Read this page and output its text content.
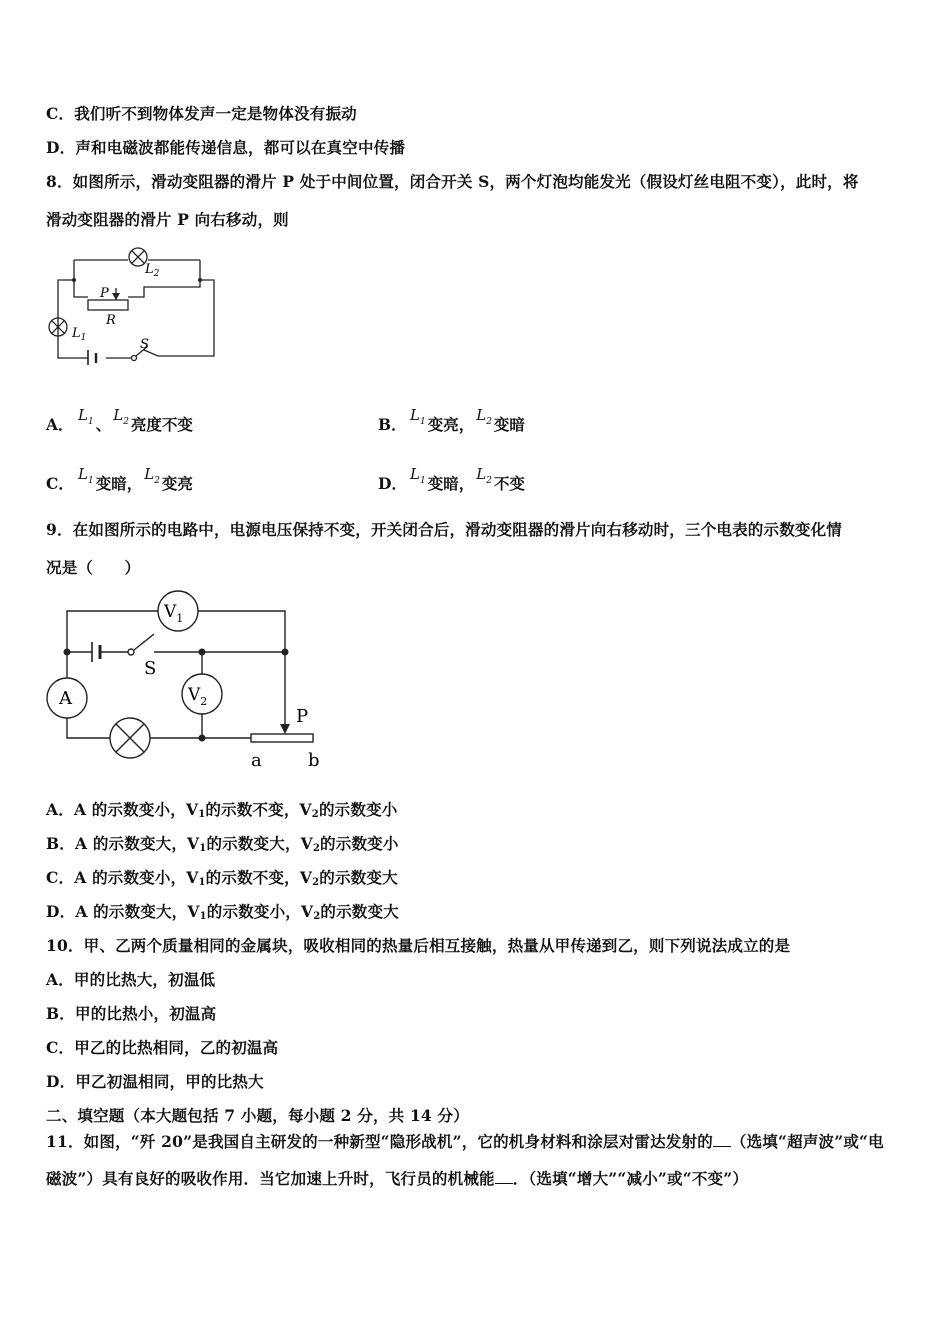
C．我们听不到物体发声一定是物体没有振动
D．声和电磁波都能传递信息，都可以在真空中传播
8．如图所示，滑动变阻器的滑片 P 处于中间位置，闭合开关 S，两个灯泡均能发光（假设灯丝电阻不变），此时，将
滑动变阻器的滑片 P 向右移动，则
$L_2$
P
R
$L_1$	S
A． $L_1$ 、 $L_2$ 亮度不变	B． $L_1$ 变亮， $L_2$ 变暗
C． $L_1$ 变暗， $L_2$ 变亮	D． $L_1$ 变暗， $L_2$ 不变
9．在如图所示的电路中，电源电压保持不变，开关闭合后，滑动变阻器的滑片向右移动时，三个电表的示数变化情
况是（　　）
$V_1$
$V_2$
A
S
P
a	b
A．A 的示数变小，V1的示数不变，V2的示数变小
B．A 的示数变大，V1的示数变大，V2的示数变小
C．A 的示数变小，V1的示数不变，V2的示数变大
D．A 的示数变大，V1的示数变小，V2的示数变大
10．甲、乙两个质量相同的金属块，吸收相同的热量后相互接触，热量从甲传递到乙，则下列说法成立的是
A．甲的比热大，初温低
B．甲的比热小，初温高
C．甲乙的比热相同，乙的初温高
D．甲乙初温相同，甲的比热大
二、填空题（本大题包括 7 小题，每小题 2 分，共 14 分）
11．如图，“歼 20”是我国自主研发的一种新型“隐形战机”，它的机身材料和涂层对雷达发射的 （选填“超声波”或“电
磁波”）具有良好的吸收作用．当它加速上升时，飞行员的机械能 ．（选填“增大”“减小”或“不变”）
